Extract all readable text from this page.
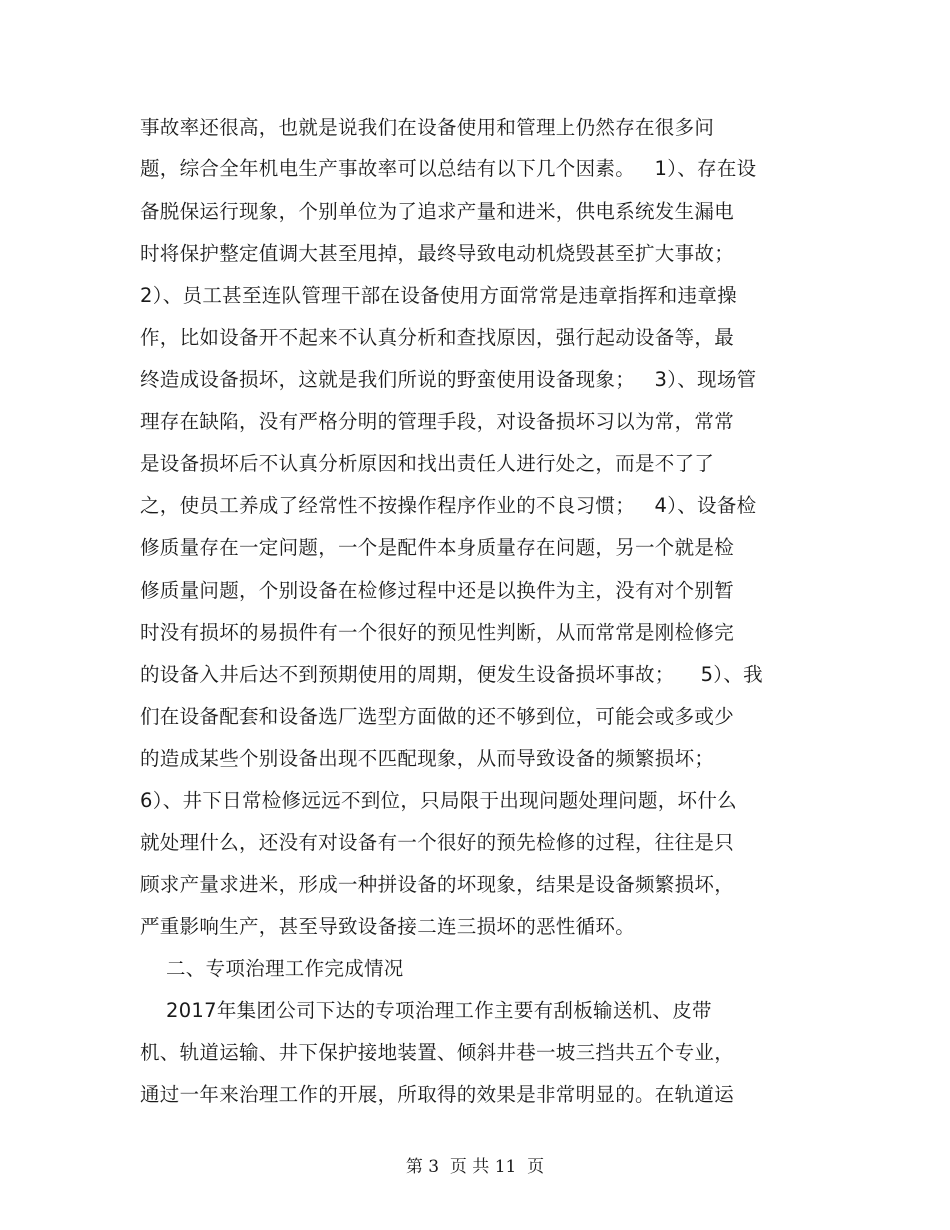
事故率还很高，也就是说我们在设备使用和管理上仍然存在很多问
题，综合全年机电生产事故率可以总结有以下几个因素。   1）、存在设
备脱保运行现象，个别单位为了追求产量和进米，供电系统发生漏电
时将保护整定值调大甚至甩掉，最终导致电动机烧毁甚至扩大事故；
2）、员工甚至连队管理干部在设备使用方面常常是违章指挥和违章操
作，比如设备开不起来不认真分析和查找原因，强行起动设备等，最
终造成设备损坏，这就是我们所说的野蛮使用设备现象；   3）、现场管
理存在缺陷，没有严格分明的管理手段，对设备损坏习以为常，常常
是设备损坏后不认真分析原因和找出责任人进行处之，而是不了了
之，使员工养成了经常性不按操作程序作业的不良习惯；   4）、设备检
修质量存在一定问题，一个是配件本身质量存在问题，另一个就是检
修质量问题，个别设备在检修过程中还是以换件为主，没有对个别暂
时没有损坏的易损件有一个很好的预见性判断，从而常常是刚检修完
的设备入井后达不到预期使用的周期，便发生设备损坏事故；    5）、我
们在设备配套和设备选厂选型方面做的还不够到位，可能会或多或少
的造成某些个别设备出现不匹配现象，从而导致设备的频繁损坏；
6）、井下日常检修远远不到位，只局限于出现问题处理问题，坏什么
就处理什么，还没有对设备有一个很好的预先检修的过程，往往是只
顾求产量求进米，形成一种拼设备的坏现象，结果是设备频繁损坏，
严重影响生产，甚至导致设备接二连三损坏的恶性循环。
二、专项治理工作完成情况
2017年集团公司下达的专项治理工作主要有刮板输送机、皮带
机、轨道运输、井下保护接地装置、倾斜井巷一坡三挡共五个专业，
通过一年来治理工作的开展，所取得的效果是非常明显的。在轨道运
第 3  页 共 11  页
